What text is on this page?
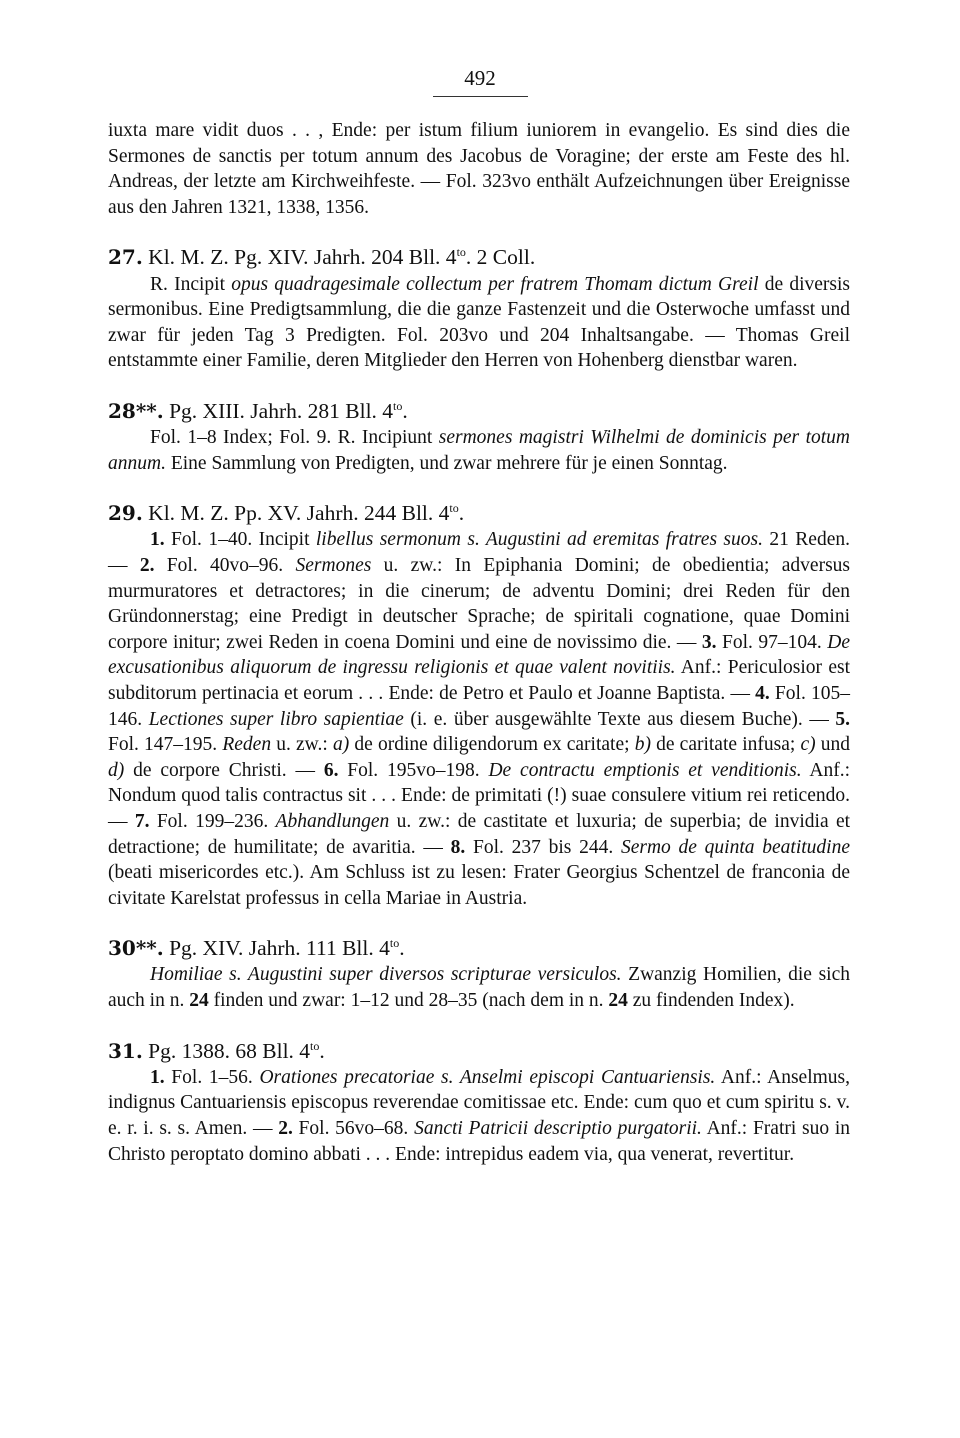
492

iuxta mare vidit duos . . , Ende: per istum filium iuniorem in evangelio. Es sind dies die Sermones de sanctis per totum annum des Jacobus de Voragine; der erste am Feste des hl. Andreas, der letzte am Kirchweihfeste. — Fol. 323vo enthält Aufzeichnungen über Ereignisse aus den Jahren 1321, 1338, 1356.

27. Kl. M. Z. Pg. XIV. Jahrh. 204 Bll. $4^{to}$. 2 Coll.

R. Incipit opus quadragesimale collectum per fratrem Thomam dictum Greil de diversis sermonibus. Eine Predigtsammlung, die die ganze Fastenzeit und die Osterwoche umfasst und zwar für jeden Tag 3 Predigten. Fol. 203vo und 204 Inhaltsangabe. — Thomas Greil entstammte einer Familie, deren Mitglieder den Herren von Hohenberg dienstbar waren.

28**. Pg. XIII. Jahrh. 281 Bll. $4^{to}$.

Fol. 1–8 Index; Fol. 9. R. Incipiunt sermones magistri Wilhelmi de dominicis per totum annum. Eine Sammlung von Predigten, und zwar mehrere für je einen Sonntag.

29. Kl. M. Z. Pp. XV. Jahrh. 244 Bll. $4^{to}$.

1. Fol. 1–40. Incipit libellus sermonum s. Augustini ad eremitas fratres suos. 21 Reden. — 2. Fol. 40vo–96. Sermones u. zw.: In Epiphania Domini; de obedientia; adversus murmuratores et detractores; in die cinerum; de adventu Domini; drei Reden für den Gründonnerstag; eine Predigt in deutscher Sprache; de spiritali cognatione, quae Domini corpore initur; zwei Reden in coena Domini und eine de novissimo die. — 3. Fol. 97–104. De excusationibus aliquorum de ingressu religionis et quae valent novitiis. Anf.: Periculosior est subditorum pertinacia et eorum . . . Ende: de Petro et Paulo et Joanne Baptista. — 4. Fol. 105–146. Lectiones super libro sapientiae (i. e. über ausgewählte Texte aus diesem Buche). — 5. Fol. 147–195. Reden u. zw.: a) de ordine diligendorum ex caritate; b) de caritate infusa; c) und d) de corpore Christi. — 6. Fol. 195vo–198. De contractu emptionis et venditionis. Anf.: Nondum quod talis contractus sit . . . Ende: de primitati (!) suae consulere vitium rei reticendo. — 7. Fol. 199–236. Abhandlungen u. zw.: de castitate et luxuria; de superbia; de invidia et detractione; de humilitate; de avaritia. — 8. Fol. 237 bis 244. Sermo de quinta beatitudine (beati misericordes etc.). Am Schluss ist zu lesen: Frater Georgius Schentzel de franconia de civitate Karelstat professus in cella Mariae in Austria.

30**. Pg. XIV. Jahrh. 111 Bll. $4^{to}$.

Homiliae s. Augustini super diversos scripturae versiculos. Zwanzig Homilien, die sich auch in n. 24 finden und zwar: 1–12 und 28–35 (nach dem in n. 24 zu findenden Index).

31. Pg. 1388. 68 Bll. $4^{to}$.

1. Fol. 1–56. Orationes precatoriae s. Anselmi episcopi Cantuariensis. Anf.: Anselmus, indignus Cantuariensis episcopus reverendae comitissae etc. Ende: cum quo et cum spiritu s. v. e. r. i. s. s. Amen. — 2. Fol. 56vo–68. Sancti Patricii descriptio purgatorii. Anf.: Fratri suo in Christo peroptato domino abbati . . . Ende: intrepidus eadem via, qua venerat, revertitur.
